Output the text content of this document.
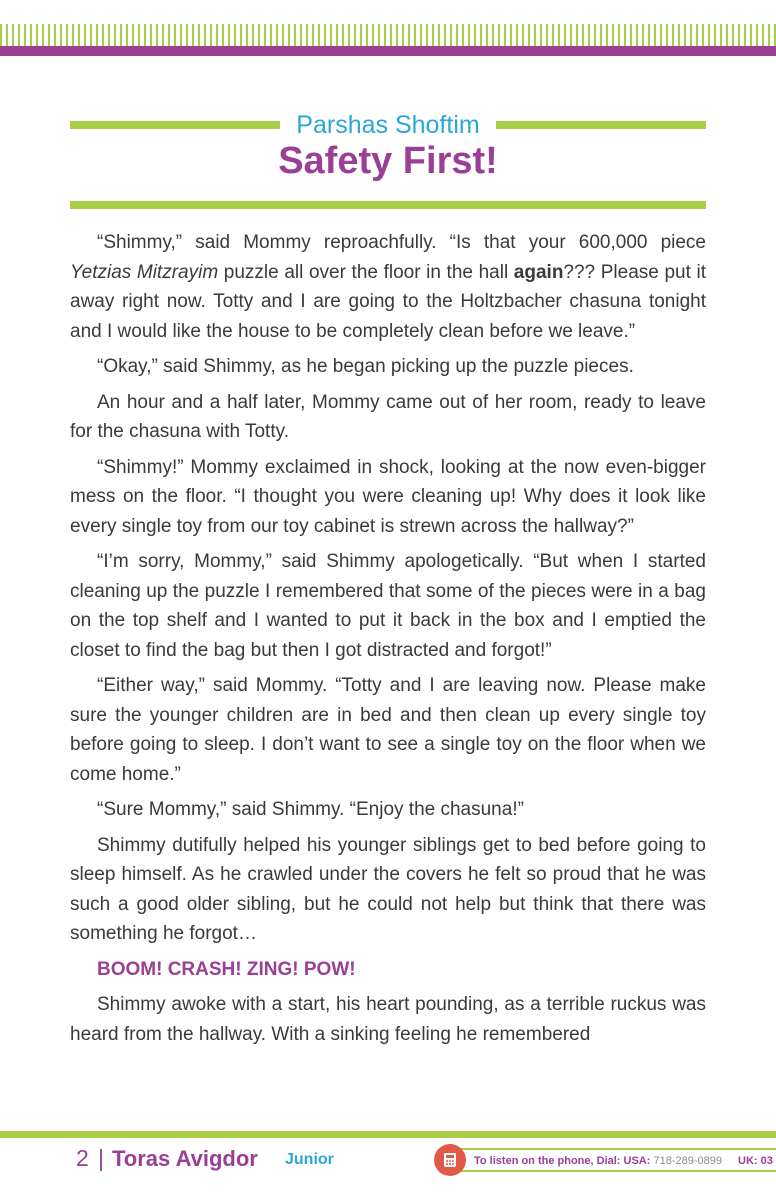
Parshas Shoftim
Safety First!

“Shimmy,” said Mommy reproachfully. “Is that your 600,000 piece Yetzias Mitzrayim puzzle all over the floor in the hall again??? Please put it away right now. Totty and I are going to the Holtzbacher chasuna tonight and I would like the house to be completely clean before we leave.”

“Okay,” said Shimmy, as he began picking up the puzzle pieces.

An hour and a half later, Mommy came out of her room, ready to leave for the chasuna with Totty.

“Shimmy!” Mommy exclaimed in shock, looking at the now even-bigger mess on the floor. “I thought you were cleaning up! Why does it look like every single toy from our toy cabinet is strewn across the hallway?”

“I’m sorry, Mommy,” said Shimmy apologetically. “But when I started cleaning up the puzzle I remembered that some of the pieces were in a bag on the top shelf and I wanted to put it back in the box and I emptied the closet to find the bag but then I got distracted and forgot!”

“Either way,” said Mommy. “Totty and I are leaving now. Please make sure the younger children are in bed and then clean up every single toy before going to sleep. I don’t want to see a single toy on the floor when we come home.”

“Sure Mommy,” said Shimmy. “Enjoy the chasuna!”

Shimmy dutifully helped his younger siblings get to bed before going to sleep himself. As he crawled under the covers he felt so proud that he was such a good older sibling, but he could not help but think that there was something he forgot…

BOOM! CRASH! ZING! POW!

Shimmy awoke with a start, his heart pounding, as a terrible ruckus was heard from the hallway. With a sinking feeling he remembered

2 | Toras Avigdor Junior	To listen on the phone, Dial: USA: 718-289-0899 UK: 03
